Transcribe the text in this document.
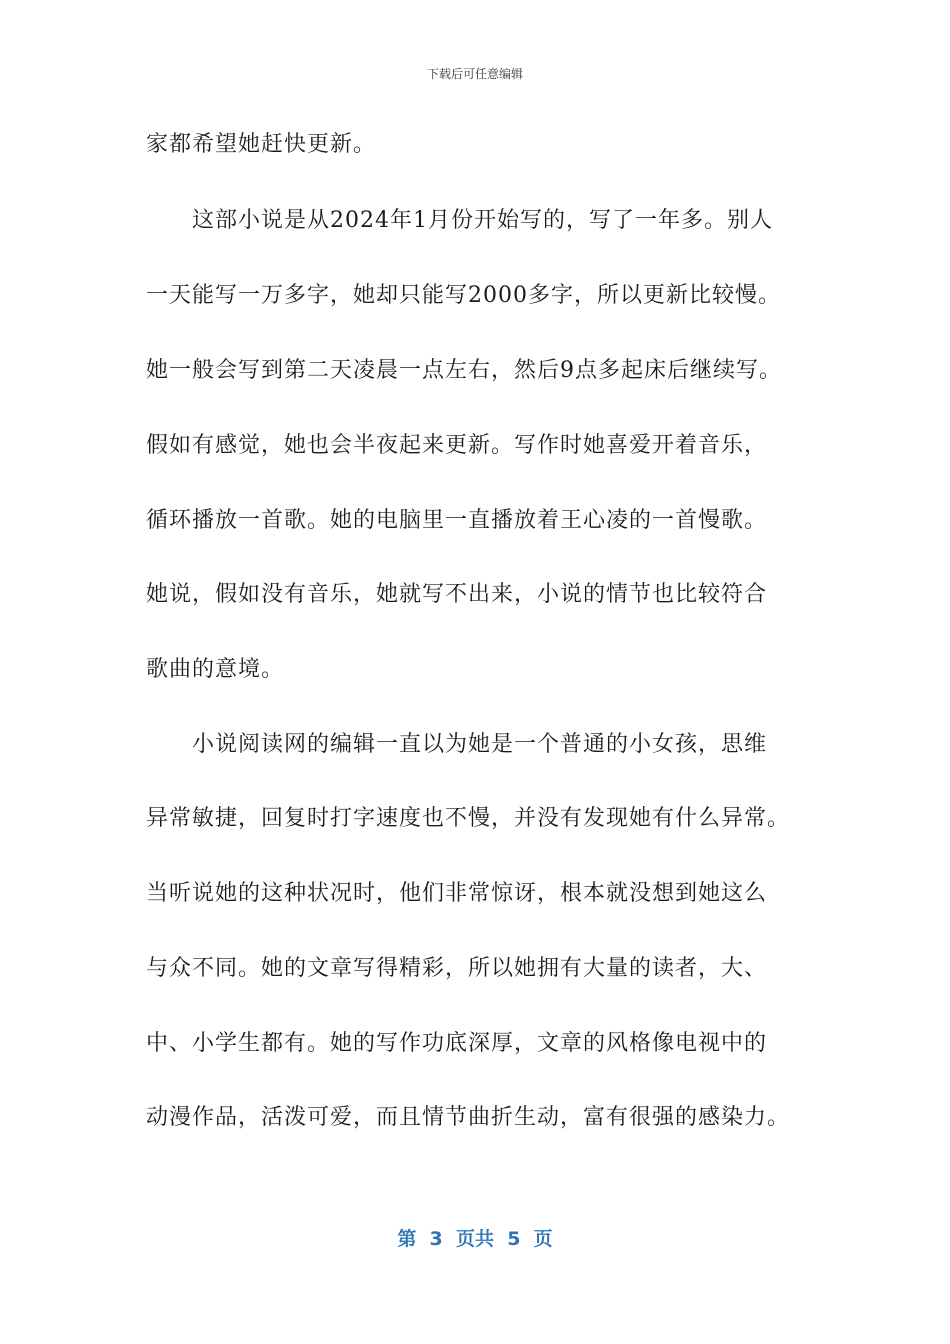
下载后可任意编辑
家都希望她赶快更新。
这部小说是从2024年1月份开始写的，写了一年多。别人
一天能写一万多字，她却只能写2000多字，所以更新比较慢。
她一般会写到第二天凌晨一点左右，然后9点多起床后继续写。
假如有感觉，她也会半夜起来更新。写作时她喜爱开着音乐，
循环播放一首歌。她的电脑里一直播放着王心凌的一首慢歌。
她说，假如没有音乐，她就写不出来，小说的情节也比较符合
歌曲的意境。
小说阅读网的编辑一直以为她是一个普通的小女孩，思维
异常敏捷，回复时打字速度也不慢，并没有发现她有什么异常。
当听说她的这种状况时，他们非常惊讶，根本就没想到她这么
与众不同。她的文章写得精彩，所以她拥有大量的读者，大、
中、小学生都有。她的写作功底深厚，文章的风格像电视中的
动漫作品，活泼可爱，而且情节曲折生动，富有很强的感染力。
第  3  页共  5  页
